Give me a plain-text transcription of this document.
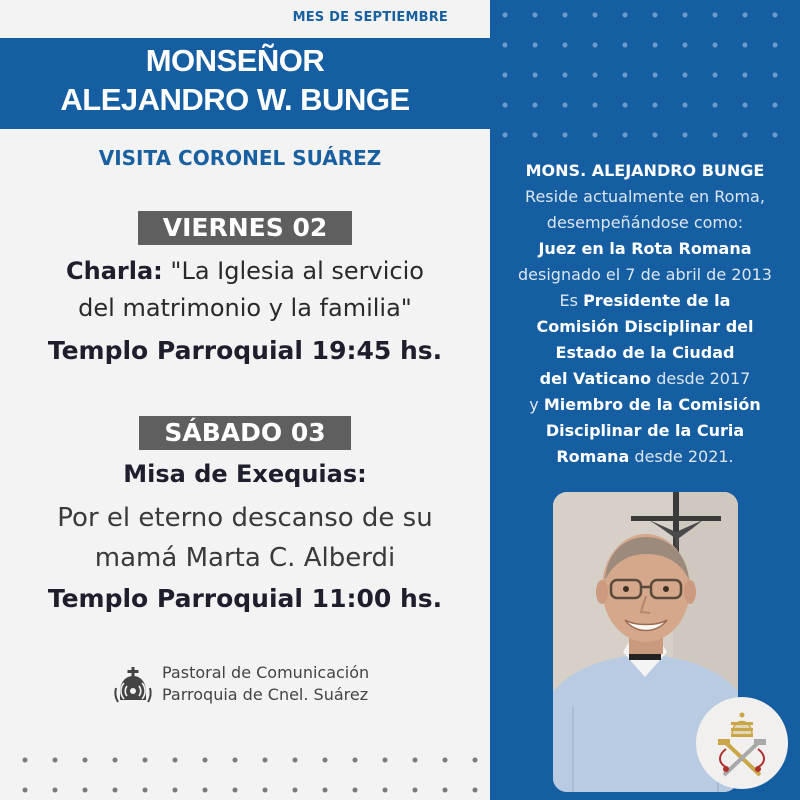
MES DE SEPTIEMBRE
MONSEÑOR
ALEJANDRO W. BUNGE
VISITA CORONEL SUÁREZ
VIERNES 02
Charla: "La Iglesia al servicio
del matrimonio y la familia"
Templo Parroquial 19:45 hs.
SÁBADO 03
Misa de Exequias:
Por el eterno descanso de su
mamá Marta C. Alberdi
Templo Parroquial 11:00 hs.
Pastoral de Comunicación
Parroquia de Cnel. Suárez
MONS. ALEJANDRO BUNGE
Reside actualmente en Roma,
desempeñándose como:
Juez en la Rota Romana
designado el 7 de abril de 2013
Es Presidente de la
Comisión Disciplinar del
Estado de la Ciudad
del Vaticano desde 2017
y Miembro de la Comisión
Disciplinar de la Curia
Romana desde 2021.
